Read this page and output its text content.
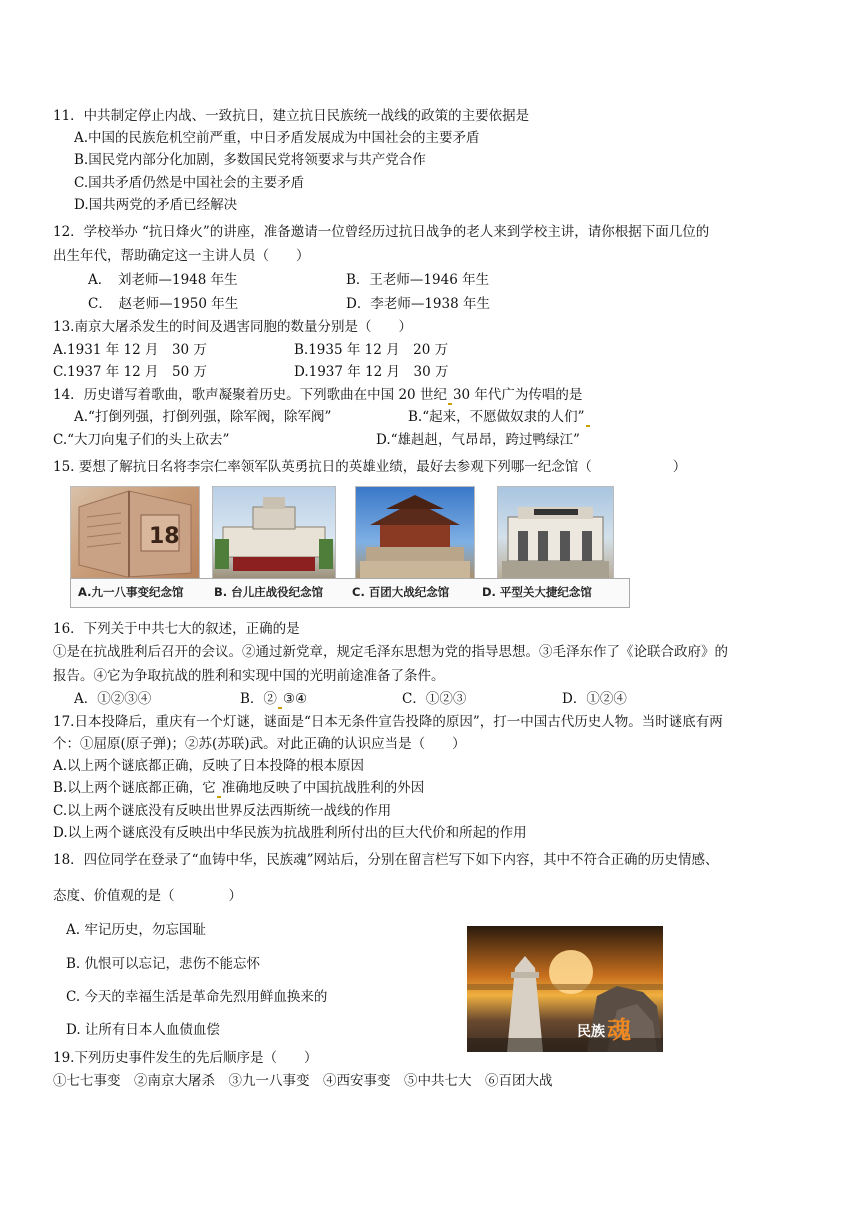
11．中共制定停止内战、一致抗日，建立抗日民族统一战线的政策的主要依据是
A.中国的民族危机空前严重，中日矛盾发展成为中国社会的主要矛盾
B.国民党内部分化加剧，多数国民党将领要求与共产党合作
C.国共矛盾仍然是中国社会的主要矛盾
D.国共两党的矛盾已经解决
12．学校举办 “抗日烽火”的讲座，准备邀请一位曾经历过抗日战争的老人来到学校主讲，请你根据下面几位的
出生年代，帮助确定这一主讲人员（　　）
A．　刘老师—1948 年生	B．王老师—1946 年生
C．　赵老师—1950 年生	D．李老师—1938 年生
13.南京大屠杀发生的时间及遇害同胞的数量分别是（　　）
A.1931 年 12 月　30 万	B.1935 年 12 月　20 万
C.1937 年 12 月　50 万	D.1937 年 12 月　30 万
14．历史谱写着歌曲，歌声凝聚着历史。下列歌曲在中国 20 世纪 30 年代广为传唱的是
A.“打倒列强，打倒列强，除军阀，除军阀”	B.“起来，不愿做奴隶的人们”
C.“大刀向鬼子们的头上砍去”	D.“雄赳赳，气昂昂，跨过鸭绿江”
15. 要想了解抗日名将李宗仁率领军队英勇抗日的英雄业绩，最好去参观下列哪一纪念馆（　　　　　　）
18
A.九一八事变纪念馆	B. 台儿庄战役纪念馆	C. 百团大战纪念馆	D. 平型关大捷纪念馆
16．下列关于中共七大的叙述，正确的是
①是在抗战胜利后召开的会议。②通过新党章，规定毛泽东思想为党的指导思想。③毛泽东作了《论联合政府》的
报告。④它为争取抗战的胜利和实现中国的光明前途准备了条件。
A．①②③④	B．② ③④	C．①②③	D．①②④
17.日本投降后，重庆有一个灯谜，谜面是“日本无条件宣告投降的原因”，打一中国古代历史人物。当时谜底有两
个：①屈原(原子弹)；②苏(苏联)武。对此正确的认识应当是（　　）
A.以上两个谜底都正确，反映了日本投降的根本原因
B.以上两个谜底都正确，它 准确地反映了中国抗战胜利的外因
C.以上两个谜底没有反映出世界反法西斯统一战线的作用
D.以上两个谜底没有反映出中华民族为抗战胜利所付出的巨大代价和所起的作用
18．四位同学在登录了“血铸中华，民族魂”网站后，分别在留言栏写下如下内容，其中不符合正确的历史情感、
态度、价值观的是（　　　　）
A. 牢记历史，勿忘国耻
B. 仇恨可以忘记，悲伤不能忘怀
C. 今天的幸福生活是革命先烈用鲜血换来的
D. 让所有日本人血债血偿	民族 魂
19.下列历史事件发生的先后顺序是（　　）
①七七事变　②南京大屠杀　③九一八事变　④西安事变　⑤中共七大　⑥百团大战
